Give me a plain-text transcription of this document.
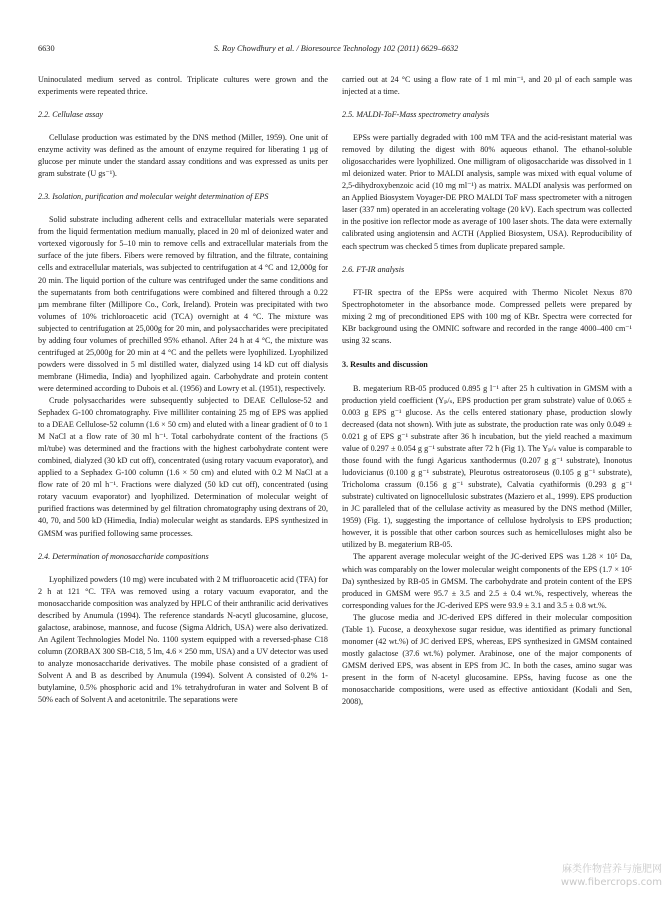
6630	S. Roy Chowdhury et al. / Bioresource Technology 102 (2011) 6629–6632

Uninoculated medium served as control. Triplicate cultures were grown and the experiments were repeated thrice.

2.2. Cellulase assay

Cellulase production was estimated by the DNS method (Miller, 1959). One unit of enzyme activity was defined as the amount of enzyme required for liberating 1 µg of glucose per minute under the standard assay conditions and was expressed as units per gram substrate (U gs⁻¹).

2.3. Isolation, purification and molecular weight determination of EPS

Solid substrate including adherent cells and extracellular materials were separated from the liquid fermentation medium manually, placed in 20 ml of deionized water and vortexed vigorously for 5–10 min to remove cells and extracellular materials from the surface of the jute fibers. Fibers were removed by filtration, and the filtrate, containing cells and extracellular materials, was subjected to centrifugation at 4 °C and 12,000g for 20 min. The liquid portion of the culture was centrifuged under the same conditions and the supernatants from both centrifugations were combined and filtered through a 0.22 µm membrane filter (Millipore Co., Cork, Ireland). Protein was precipitated with two volumes of 10% trichloroacetic acid (TCA) overnight at 4 °C. The mixture was subjected to centrifugation at 25,000g for 20 min, and polysaccharides were precipitated by adding four volumes of prechilled 95% ethanol. After 24 h at 4 °C, the mixture was centrifuged at 25,000g for 20 min at 4 °C and the pellets were lyophilized. Lyophilized powders were dissolved in 5 ml distilled water, dialyzed using 14 kD cut off dialysis membrane (Himedia, India) and lyophilized again. Carbohydrate and protein content were determined according to Dubois et al. (1956) and Lowry et al. (1951), respectively.

Crude polysaccharides were subsequently subjected to DEAE Cellulose-52 and Sephadex G-100 chromatography. Five milliliter containing 25 mg of EPS was applied to a DEAE Cellulose-52 column (1.6 × 50 cm) and eluted with a linear gradient of 0 to 1 M NaCl at a flow rate of 30 ml h⁻¹. Total carbohydrate content of the fractions (5 ml/tube) was determined and the fractions with the highest carbohydrate content were combined, dialyzed (30 kD cut off), concentrated (using rotary vacuum evaporator), and applied to a Sephadex G-100 column (1.6 × 50 cm) and eluted with 0.2 M NaCl at a flow rate of 20 ml h⁻¹. Fractions were dialyzed (50 kD cut off), concentrated (using rotary vacuum evaporator) and lyophilized. Determination of molecular weight of purified fractions was determined by gel filtration chromatography using dextrans of 20, 40, 70, and 500 kD (Himedia, India) molecular weight as standards. EPS synthesized in GMSM was purified following same processes.

2.4. Determination of monosaccharide compositions

Lyophilized powders (10 mg) were incubated with 2 M trifluoroacetic acid (TFA) for 2 h at 121 °C. TFA was removed using a rotary vacuum evaporator, and the monosaccharide composition was analyzed by HPLC of their anthranilic acid derivatives described by Anumula (1994). The reference standards N-acytl glucosamine, glucose, galactose, arabinose, mannose, and fucose (Sigma Aldrich, USA) were also derivatized. An Agilent Technologies Model No. 1100 system equipped with a reversed-phase C18 column (ZORBAX 300 SB-C18, 5 lm, 4.6 × 250 mm, USA) and a UV detector was used to analyze monosaccharide derivatives. The mobile phase consisted of a gradient of Solvent A and B as described by Anumula (1994). Solvent A consisted of 0.2% 1-butylamine, 0.5% phosphoric acid and 1% tetrahydrofuran in water and Solvent B of 50% each of Solvent A and acetonitrile. The separations were

carried out at 24 °C using a flow rate of 1 ml min⁻¹, and 20 µl of each sample was injected at a time.

2.5. MALDI-ToF-Mass spectrometry analysis

EPSs were partially degraded with 100 mM TFA and the acid-resistant material was removed by diluting the digest with 80% aqueous ethanol. The ethanol-soluble oligosaccharides were lyophilized. One milligram of oligosaccharide was dissolved in 1 ml deionized water. Prior to MALDI analysis, sample was mixed with equal volume of 2,5-dihydroxybenzoic acid (10 mg ml⁻¹) as matrix. MALDI analysis was performed on an Applied Biosystem Voyager-DE PRO MALDI ToF mass spectrometer with a nitrogen laser (337 nm) operated in an accelerating voltage (20 kV). Each spectrum was collected in the positive ion reflector mode as average of 100 laser shots. The data were externally calibrated using angiotensin and ACTH (Applied Biosystem, USA). Reproducibility of each spectrum was checked 5 times from duplicate prepared sample.

2.6. FT-IR analysis

FT-IR spectra of the EPSs were acquired with Thermo Nicolet Nexus 870 Spectrophotometer in the absorbance mode. Compressed pellets were prepared by mixing 2 mg of preconditioned EPS with 100 mg of KBr. Spectra were corrected for KBr background using the OMNIC software and recorded in the range 4000–400 cm⁻¹ using 32 scans.

3. Results and discussion

B. megaterium RB-05 produced 0.895 g l⁻¹ after 25 h cultivation in GMSM with a production yield coefficient (Yₚ/ₛ, EPS production per gram substrate) value of 0.065 ± 0.003 g EPS g⁻¹ glucose. As the cells entered stationary phase, production slowly decreased (data not shown). With jute as substrate, the production rate was only 0.049 ± 0.021 g of EPS g⁻¹ substrate after 36 h incubation, but the yield reached a maximum value of 0.297 ± 0.054 g g⁻¹ substrate after 72 h (Fig 1). The Yₚ/ₛ value is comparable to those found with the fungi Agaricus xanthodermus (0.207 g g⁻¹ substrate), Inonotus ludovicianus (0.100 g g⁻¹ substrate), Pleurotus ostreatoroseus (0.105 g g⁻¹ substrate), Tricholoma crassum (0.156 g g⁻¹ substrate), Calvatia cyathiformis (0.293 g g⁻¹ substrate) cultivated on lignocellulosic substrates (Maziero et al., 1999). EPS production in JC paralleled that of the cellulase activity as measured by the DNS method (Miller, 1959) (Fig. 1), suggesting the importance of cellulose hydrolysis to EPS production; however, it is possible that other carbon sources such as hemicelluloses might also be utilized by B. megaterium RB-05.

The apparent average molecular weight of the JC-derived EPS was 1.28 × 10⁵ Da, which was comparably on the lower molecular weight components of the EPS (1.7 × 10⁵ Da) synthesized by RB-05 in GMSM. The carbohydrate and protein content of the EPS produced in GMSM were 95.7 ± 3.5 and 2.5 ± 0.4 wt.%, respectively, whereas the corresponding values for the JC-derived EPS were 93.9 ± 3.1 and 3.5 ± 0.8 wt.%.

The glucose media and JC-derived EPS differed in their molecular composition (Table 1). Fucose, a deoxyhexose sugar residue, was identified as primary functional monomer (42 wt.%) of JC derived EPS, whereas, EPS synthesized in GMSM contained mostly galactose (37.6 wt.%) polymer. Arabinose, one of the major components of GMSM derived EPS, was absent in EPS from JC. In both the cases, amino sugar was present in the form of N-acetyl glucosamine. EPSs, having fucose as one the monosaccharide compositions, were used as effective antioxidant (Kodali and Sen, 2008),

麻类作物营养与施肥网
www.fibercrops.com
